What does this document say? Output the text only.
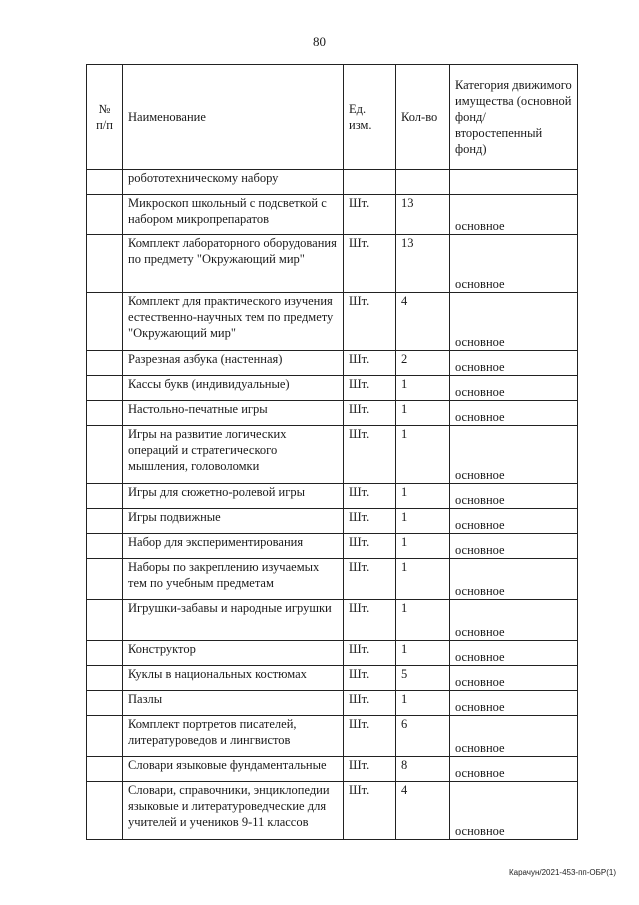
80
№ п/п	Наименование	Ед. изм.	Кол-во	Категория движимого имущества (основной фонд/ второстепенный фонд)
	робототехническому набору			
	Микроскоп школьный с подсветкой с набором микропрепаратов	Шт.	13	основное
	Комплект лабораторного оборудования по предмету "Окружающий мир"	Шт.	13	основное
	Комплект для практического изучения естественно-научных тем по предмету "Окружающий мир"	Шт.	4	основное
	Разрезная азбука (настенная)	Шт.	2	основное
	Кассы букв (индивидуальные)	Шт.	1	основное
	Настольно-печатные игры	Шт.	1	основное
	Игры на развитие логических операций и стратегического мышления, головоломки	Шт.	1	основное
	Игры для сюжетно-ролевой игры	Шт.	1	основное
	Игры подвижные	Шт.	1	основное
	Набор для экспериментирования	Шт.	1	основное
	Наборы по закреплению изучаемых тем по учебным предметам	Шт.	1	основное
	Игрушки-забавы и народные игрушки	Шт.	1	основное
	Конструктор	Шт.	1	основное
	Куклы в национальных костюмах	Шт.	5	основное
	Пазлы	Шт.	1	основное
	Комплект портретов писателей, литературоведов и лингвистов	Шт.	6	основное
	Словари языковые фундаментальные	Шт.	8	основное
	Словари, справочники, энциклопедии языковые и литературоведческие для учителей и учеников 9-11 классов	Шт.	4	основное
Карачун/2021-453-пп-ОБР(1)
